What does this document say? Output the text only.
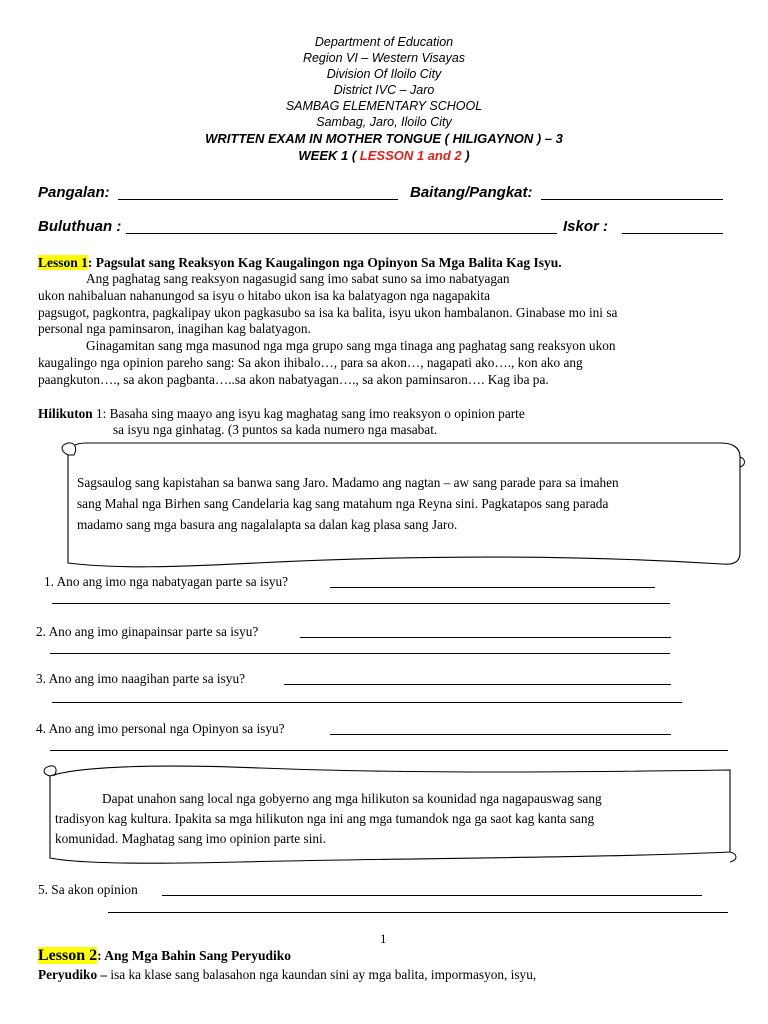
Department of Education
Region VI – Western Visayas
Division Of Iloilo City
District IVC – Jaro
SAMBAG ELEMENTARY SCHOOL
Sambag, Jaro, Iloilo City
WRITTEN EXAM IN MOTHER TONGUE ( HILIGAYNON ) – 3
WEEK 1 ( LESSON 1 and 2 )
Pangalan:	Baitang/Pangkat:
Buluthuan :	Iskor :
Lesson 1: Pagsulat sang Reaksyon Kag Kaugalingon nga Opinyon Sa Mga Balita Kag Isyu.
Ang paghatag sang reaksyon nagasugid sang imo sabat suno sa imo nabatyagan
ukon nahibaluan nahanungod sa isyu o hitabo ukon isa ka balatyagon nga nagapakita
pagsugot, pagkontra, pagkalipay ukon pagkasubo sa isa ka balita, isyu ukon hambalanon. Ginabase mo ini sa
personal nga paminsaron, inagihan kag balatyagon.
Ginagamitan sang mga masunod nga mga grupo sang mga tinaga ang paghatag sang reaksyon ukon
kaugalingo nga opinion pareho sang: Sa akon ihibalo…, para sa akon…, nagapati ako…., kon ako ang
paangkuton…., sa akon pagbanta…..sa akon nabatyagan…., sa akon paminsaron…. Kag iba pa.
Hilikuton 1: Basaha sing maayo ang isyu kag maghatag sang imo reaksyon o opinion parte
sa isyu nga ginhatag. (3 puntos sa kada numero nga masabat.
Sagsaulog sang kapistahan sa banwa sang Jaro. Madamo ang nagtan – aw sang parade para sa imahen
sang Mahal nga Birhen sang Candelaria kag sang matahum nga Reyna sini. Pagkatapos sang parada
madamo sang mga basura ang nagalalapta sa dalan kag plasa sang Jaro.
1. Ano ang imo nga nabatyagan parte sa isyu?
2. Ano ang imo ginapainsar parte sa isyu?
3. Ano ang imo naagihan parte sa isyu?
4. Ano ang imo personal nga Opinyon sa isyu?
Dapat unahon sang local nga gobyerno ang mga hilikuton sa kounidad nga nagapauswag sang
tradisyon kag kultura. Ipakita sa mga hilikuton nga ini ang mga tumandok nga ga saot kag kanta sang
komunidad. Maghatag sang imo opinion parte sini.
5. Sa akon opinion
1
Lesson 2: Ang Mga Bahin Sang Peryudiko
Peryudiko – isa ka klase sang balasahon nga kaundan sini ay mga balita, impormasyon, isyu,
